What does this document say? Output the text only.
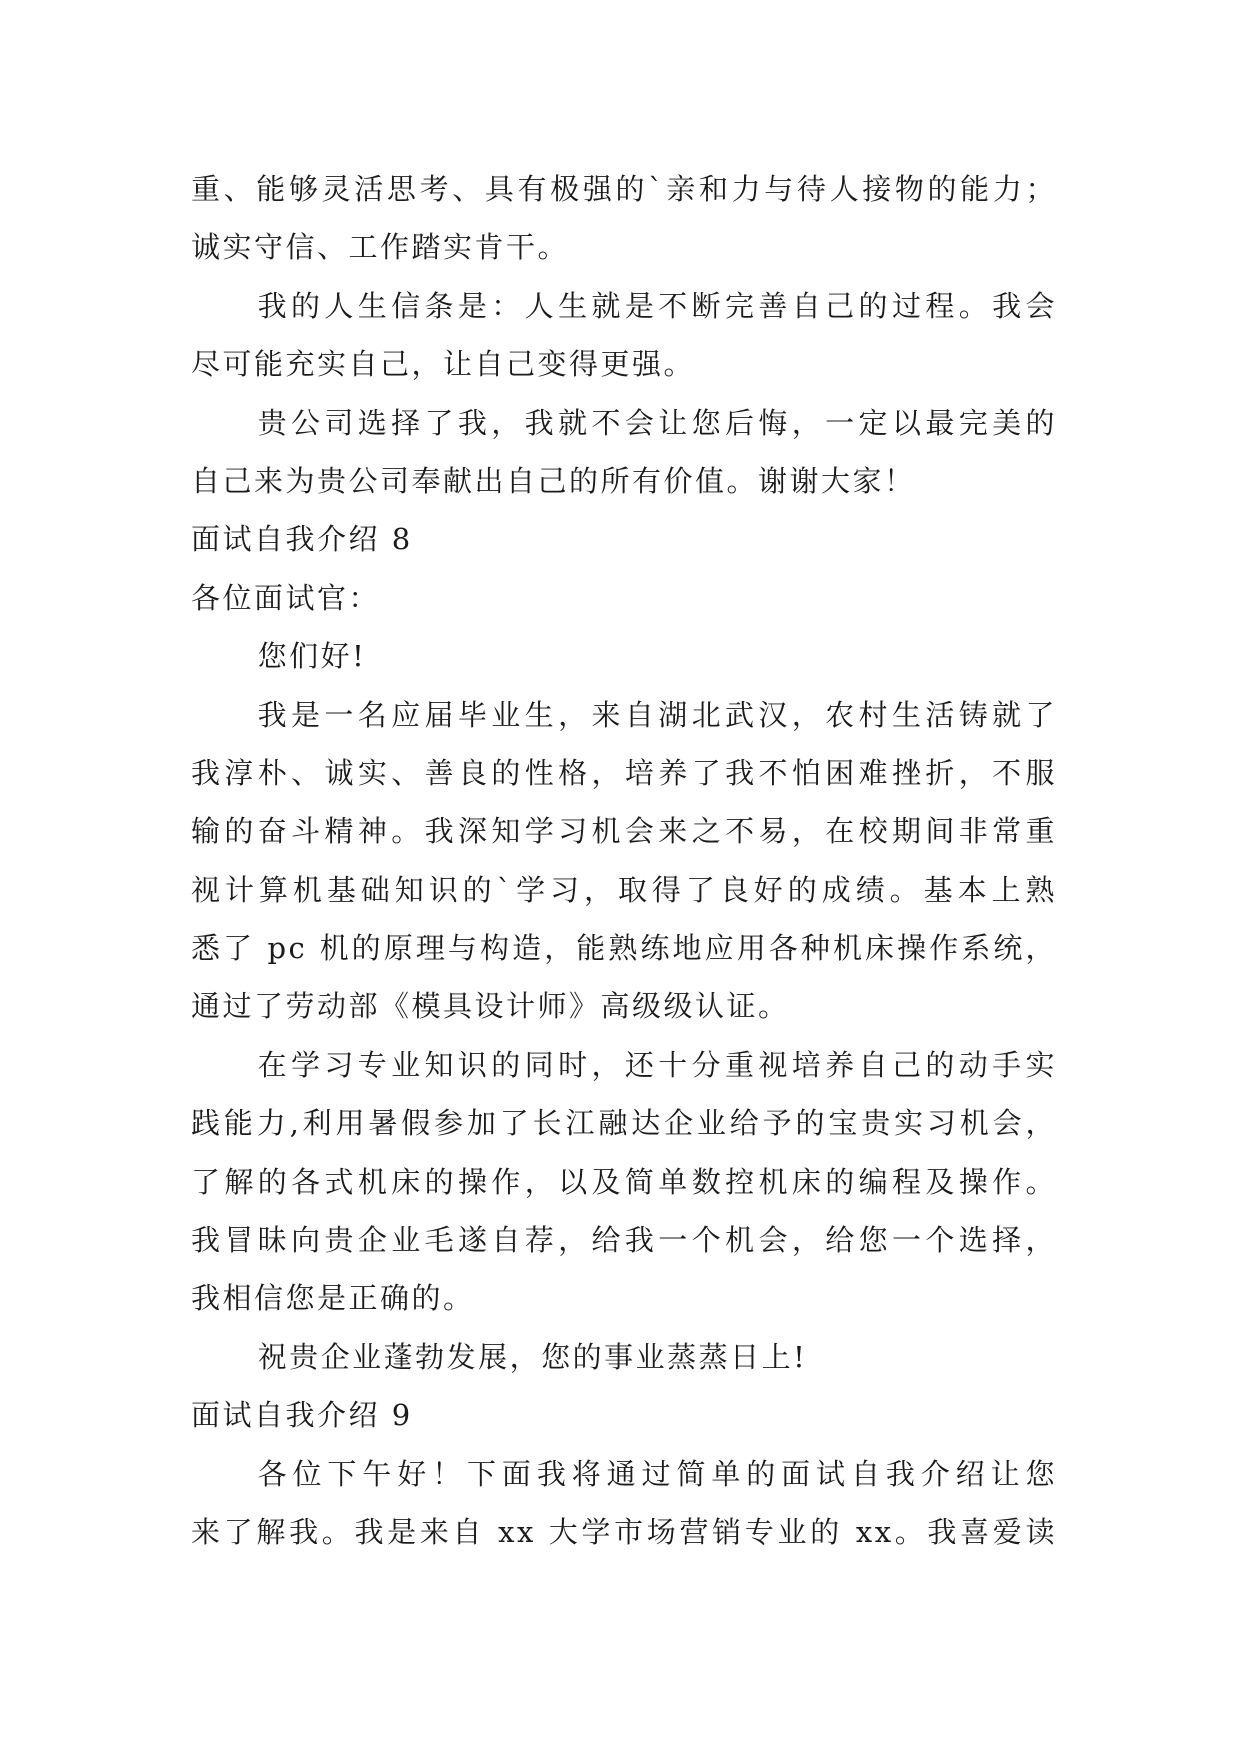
重、能够灵活思考、具有极强的`亲和力与待人接物的能力；
诚实守信、工作踏实肯干。
我的人生信条是：人生就是不断完善自己的过程。我会
尽可能充实自己，让自己变得更强。
贵公司选择了我，我就不会让您后悔，一定以最完美的
自己来为贵公司奉献出自己的所有价值。谢谢大家！
面试自我介绍 8
各位面试官：
您们好!
我是一名应届毕业生，来自湖北武汉，农村生活铸就了
我淳朴、诚实、善良的性格，培养了我不怕困难挫折，不服
输的奋斗精神。我深知学习机会来之不易，在校期间非常重
视计算机基础知识的`学习，取得了良好的成绩。基本上熟
悉了 pc 机的原理与构造，能熟练地应用各种机床操作系统，
通过了劳动部《模具设计师》高级级认证。
在学习专业知识的同时，还十分重视培养自己的动手实
践能力,利用暑假参加了长江融达企业给予的宝贵实习机会，
了解的各式机床的操作，以及简单数控机床的编程及操作。
我冒昧向贵企业毛遂自荐，给我一个机会，给您一个选择，
我相信您是正确的。
祝贵企业蓬勃发展，您的事业蒸蒸日上!
面试自我介绍 9
各位下午好！下面我将通过简单的面试自我介绍让您
来了解我。我是来自 xx 大学市场营销专业的 xx。我喜爱读
